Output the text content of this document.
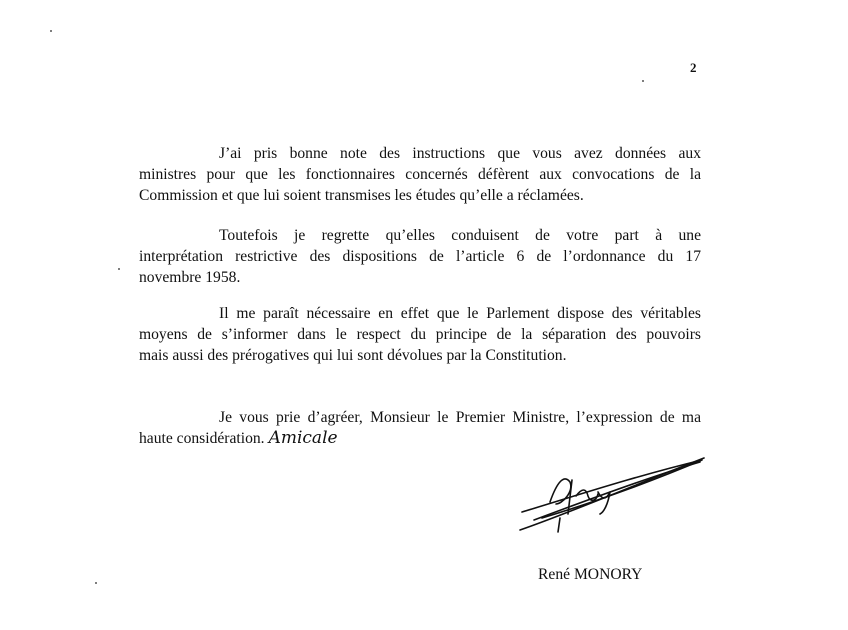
2

J’ai pris bonne note des instructions que vous avez données aux
ministres pour que les fonctionnaires concernés défèrent aux convocations de la
Commission et que lui soient transmises les études qu’elle a réclamées.

Toutefois je regrette qu’elles conduisent de votre part à une
interprétation restrictive des dispositions de l’article 6 de l’ordonnance du 17
novembre 1958.

Il me paraît nécessaire en effet que le Parlement dispose des véritables
moyens de s’informer dans le respect du principe de la séparation des pouvoirs
mais aussi des prérogatives qui lui sont dévolues par la Constitution.

Je vous prie d’agréer, Monsieur le Premier Ministre, l’expression de ma
haute considération. Amicale

René MONORY
